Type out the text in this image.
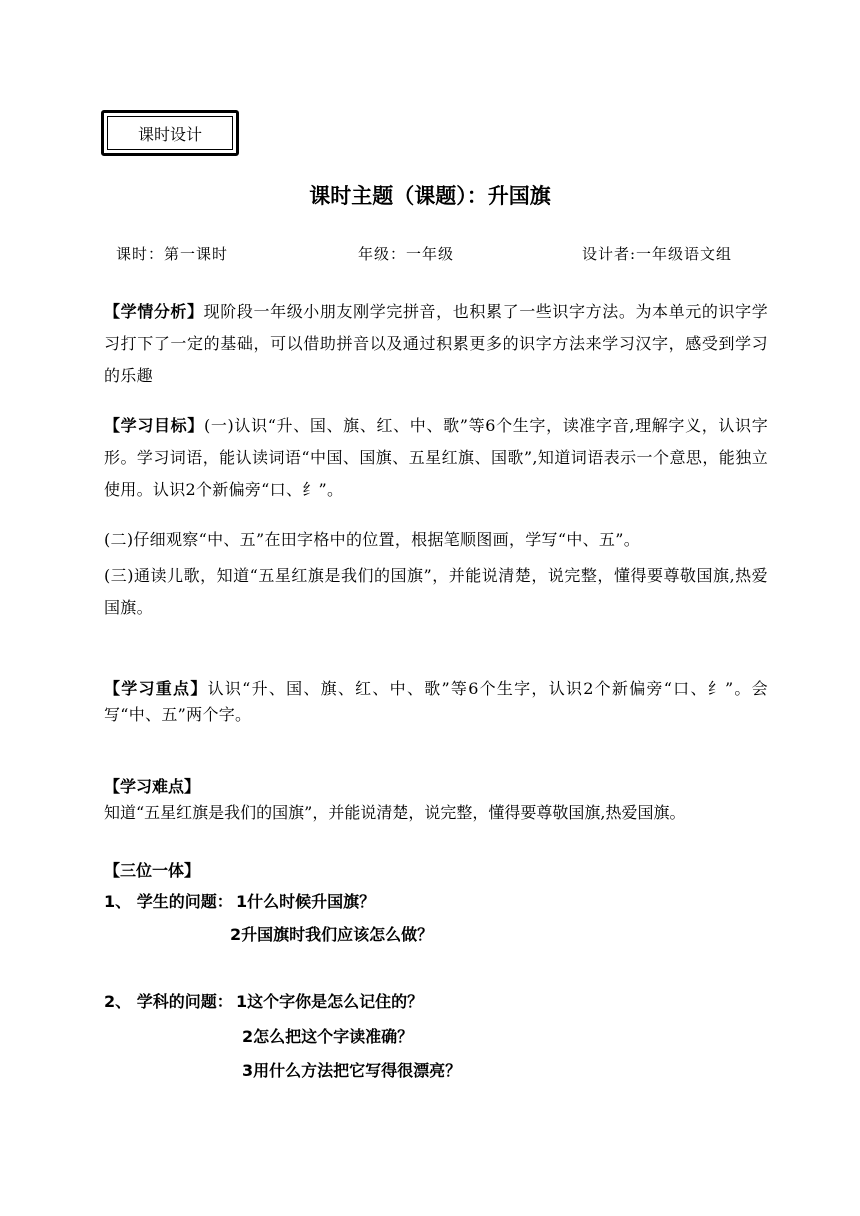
课时设计
课时主题（课题）：升国旗
课时：第一课时	年级：一年级	设计者:一年级语文组
【学情分析】现阶段一年级小朋友刚学完拼音，也积累了一些识字方法。为本单元的识字学习打下了一定的基础，可以借助拼音以及通过积累更多的识字方法来学习汉字，感受到学习的乐趣
【学习目标】(一)认识“升、国、旗、红、中、歌”等6个生字，读准字音,理解字义，认识字形。学习词语，能认读词语“中国、国旗、五星红旗、国歌”,知道词语表示一个意思，能独立使用。认识2个新偏旁“口、纟”。
(二)仔细观察“中、五”在田字格中的位置，根据笔顺图画，学写“中、五”。
(三)通读儿歌，知道“五星红旗是我们的国旗”，并能说清楚，说完整，懂得要尊敬国旗,热爱国旗。
【学习重点】认识“升、国、旗、红、中、歌”等6个生字，认识2个新偏旁“口、纟”。会写“中、五”两个字。
【学习难点】
知道“五星红旗是我们的国旗”，并能说清楚，说完整，懂得要尊敬国旗,热爱国旗。
【三位一体】
1、 学生的问题： 1什么时候升国旗？
2升国旗时我们应该怎么做？
2、 学科的问题： 1这个字你是怎么记住的？
2怎么把这个字读准确？
3用什么方法把它写得很漂亮？
